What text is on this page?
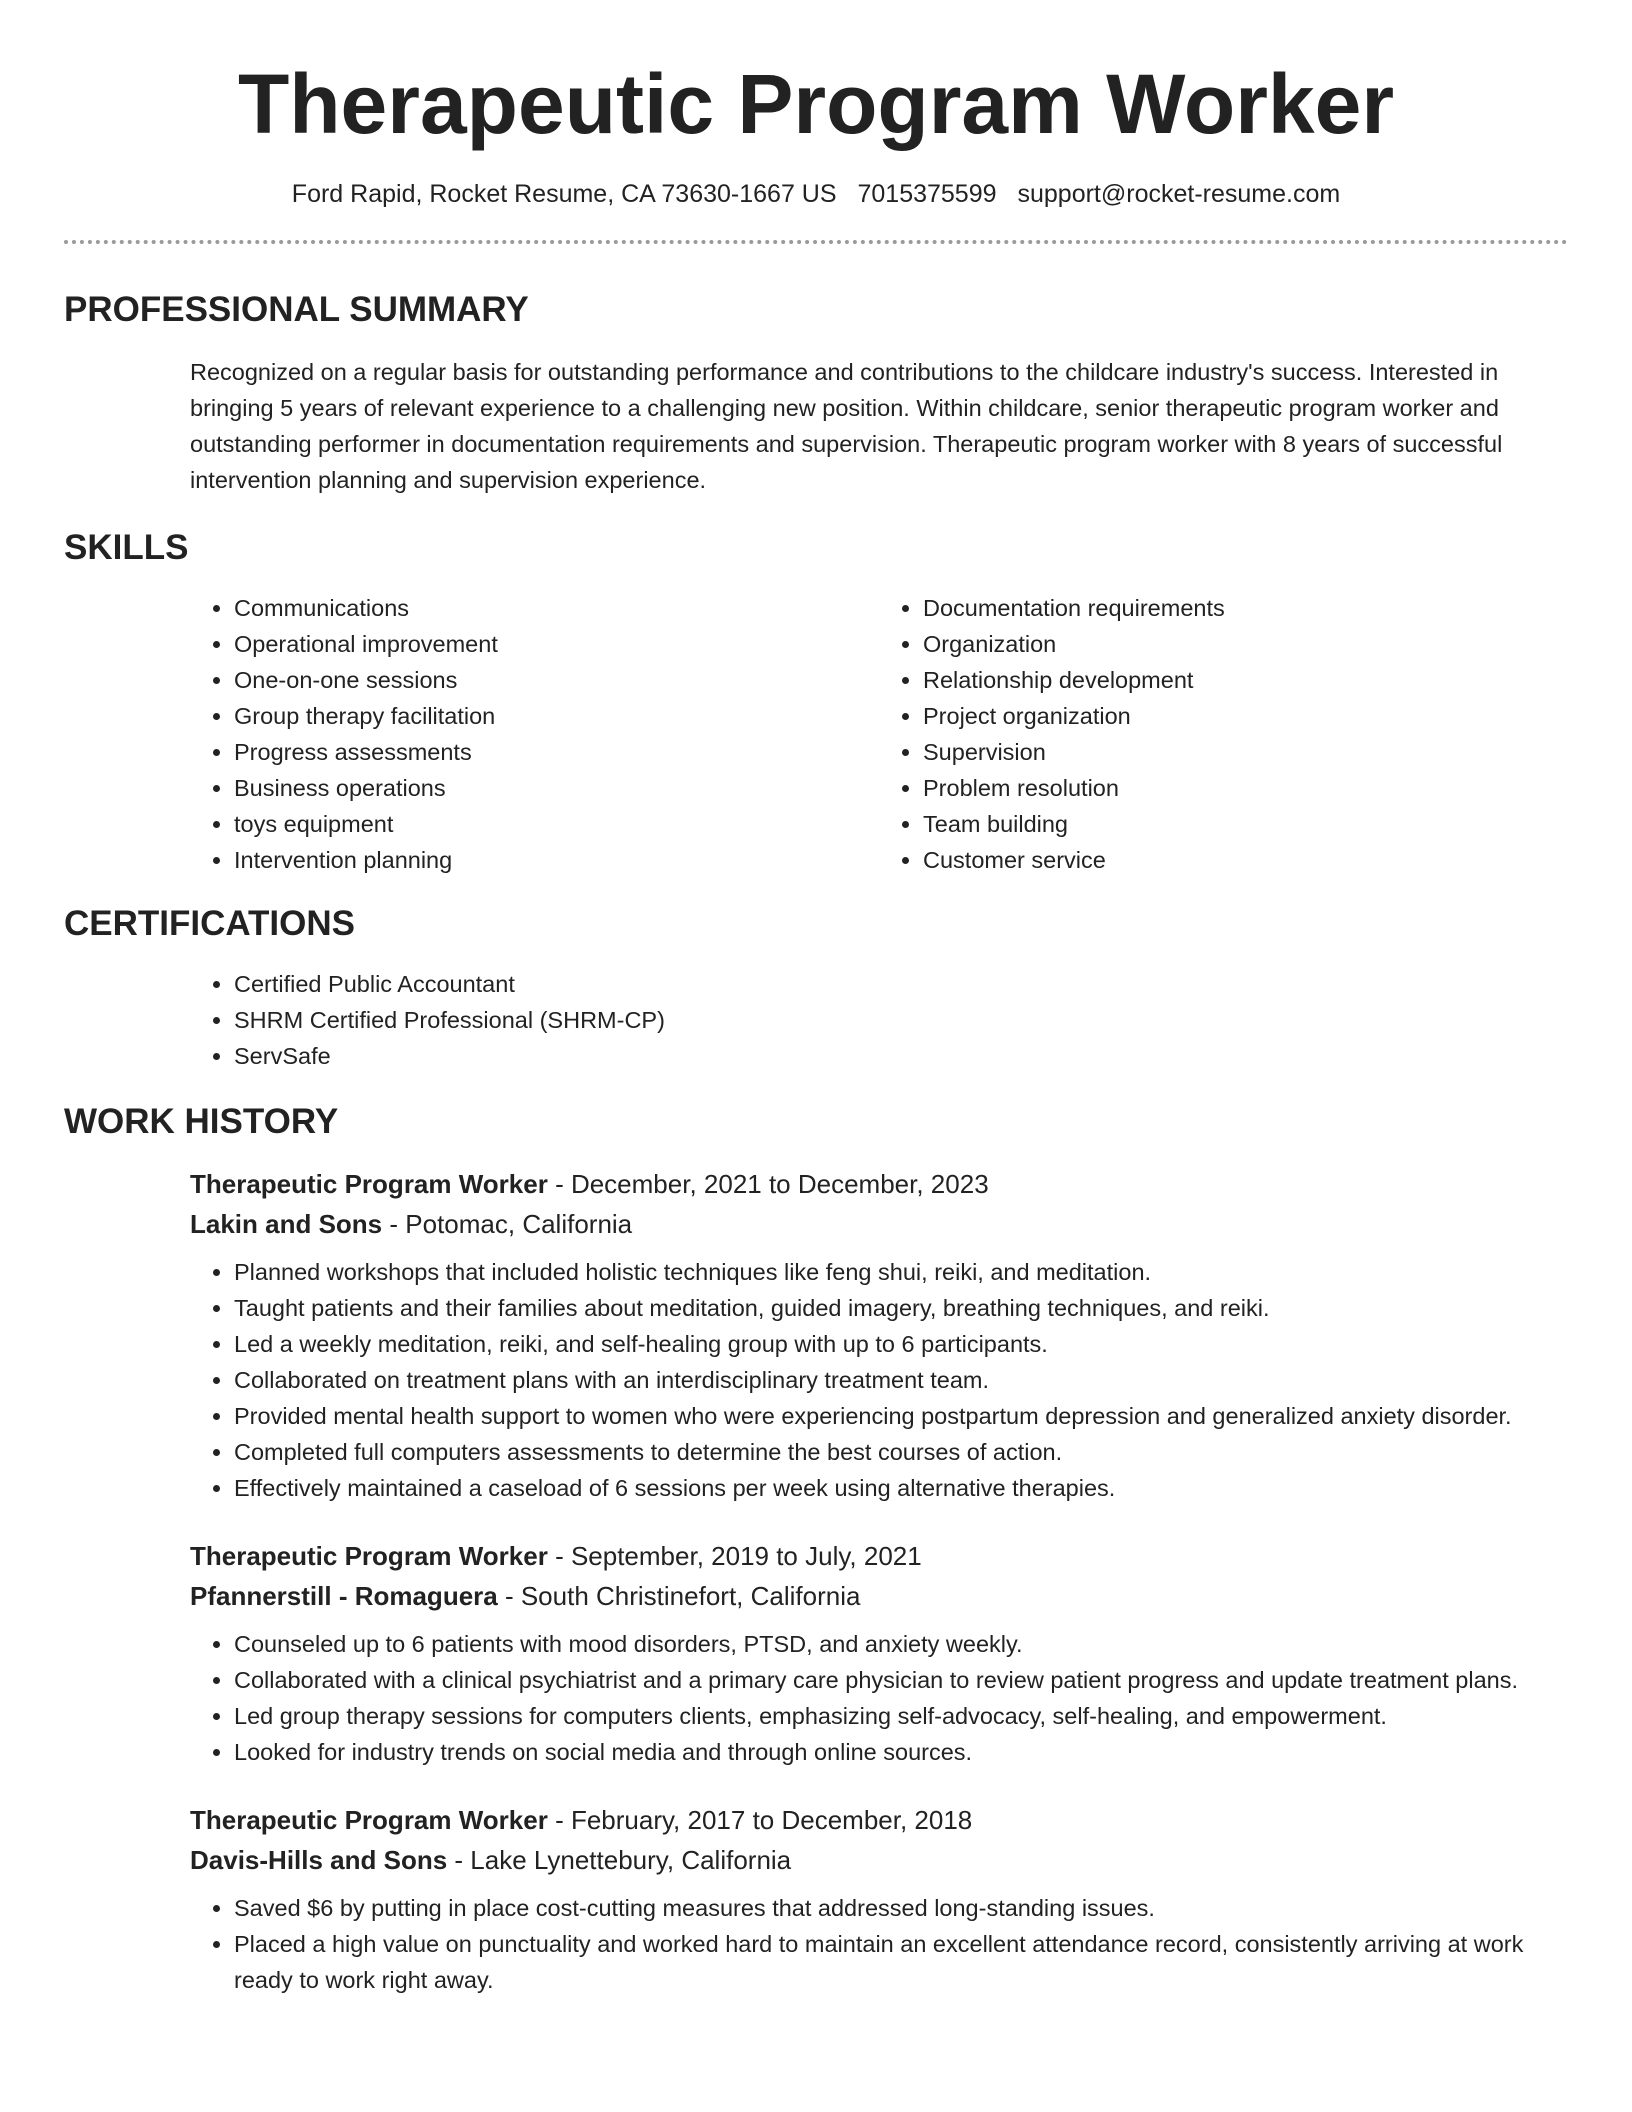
Therapeutic Program Worker
Ford Rapid, Rocket Resume, CA 73630-1667 US 7015375599 support@rocket-resume.com
PROFESSIONAL SUMMARY

Recognized on a regular basis for outstanding performance and contributions to the childcare industry's success. Interested in bringing 5 years of relevant experience to a challenging new position. Within childcare, senior therapeutic program worker and outstanding performer in documentation requirements and supervision. Therapeutic program worker with 8 years of successful intervention planning and supervision experience.

SKILLS
• Communications
• Operational improvement
• One-on-one sessions
• Group therapy facilitation
• Progress assessments
• Business operations
• toys equipment
• Intervention planning
• Documentation requirements
• Organization
• Relationship development
• Project organization
• Supervision
• Problem resolution
• Team building
• Customer service
CERTIFICATIONS
• Certified Public Accountant
• SHRM Certified Professional (SHRM-CP)
• ServSafe
WORK HISTORY
Therapeutic Program Worker - December, 2021 to December, 2023
Lakin and Sons - Potomac, California
• Planned workshops that included holistic techniques like feng shui, reiki, and meditation.
• Taught patients and their families about meditation, guided imagery, breathing techniques, and reiki.
• Led a weekly meditation, reiki, and self-healing group with up to 6 participants.
• Collaborated on treatment plans with an interdisciplinary treatment team.
• Provided mental health support to women who were experiencing postpartum depression and generalized anxiety disorder.
• Completed full computers assessments to determine the best courses of action.
• Effectively maintained a caseload of 6 sessions per week using alternative therapies.
Therapeutic Program Worker - September, 2019 to July, 2021
Pfannerstill - Romaguera - South Christinefort, California
• Counseled up to 6 patients with mood disorders, PTSD, and anxiety weekly.
• Collaborated with a clinical psychiatrist and a primary care physician to review patient progress and update treatment plans.
• Led group therapy sessions for computers clients, emphasizing self-advocacy, self-healing, and empowerment.
• Looked for industry trends on social media and through online sources.
Therapeutic Program Worker - February, 2017 to December, 2018
Davis-Hills and Sons - Lake Lynettebury, California
• Saved $6 by putting in place cost-cutting measures that addressed long-standing issues.
• Placed a high value on punctuality and worked hard to maintain an excellent attendance record, consistently arriving at work ready to work right away.
